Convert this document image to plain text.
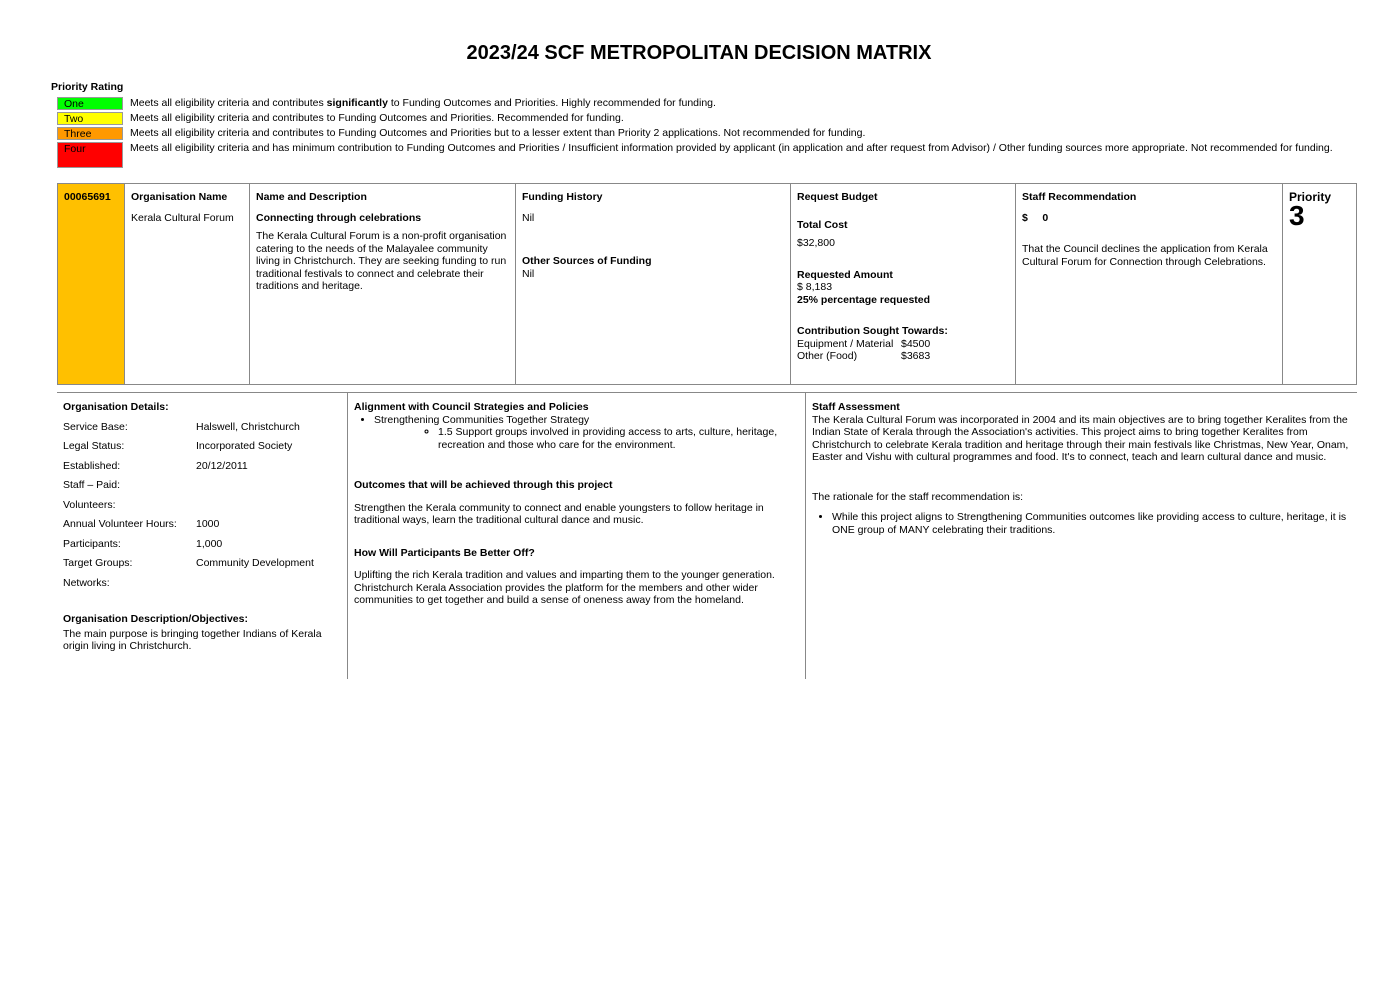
2023/24 SCF METROPOLITAN DECISION MATRIX
Priority Rating
One	Meets all eligibility criteria and contributes significantly to Funding Outcomes and Priorities. Highly recommended for funding.
Two	Meets all eligibility criteria and contributes to Funding Outcomes and Priorities. Recommended for funding.
Three	Meets all eligibility criteria and contributes to Funding Outcomes and Priorities but to a lesser extent than Priority 2 applications. Not recommended for funding.
Four	Meets all eligibility criteria and has minimum contribution to Funding Outcomes and Priorities / Insufficient information provided by applicant (in application and after request from Advisor) / Other funding sources more appropriate. Not recommended for funding.
00065691	Organisation Name
Kerala Cultural Forum
Name and Description
Connecting through celebrations
The Kerala Cultural Forum is a non-profit organisation catering to the needs of the Malayalee community living in Christchurch. They are seeking funding to run traditional festivals to connect and celebrate their traditions and heritage.
Funding History
Nil
Other Sources of Funding
Nil
Request Budget
Total Cost
$32,800
Requested Amount
$ 8,183
25% percentage requested
Contribution Sought Towards:
Equipment / Material $4500
Other (Food)	$3683
Staff Recommendation
$     0
That the Council declines the application from Kerala Cultural Forum for Connection through Celebrations.
Priority
3
Organisation Details:
Service Base:	Halswell, Christchurch
Legal Status:	Incorporated Society
Established:	20/12/2011
Staff – Paid:
Volunteers:
Annual Volunteer Hours:	1000
Participants:	1,000
Target Groups:	Community Development
Networks:
Organisation Description/Objectives:
The main purpose is bringing together Indians of Kerala origin living in Christchurch.
Alignment with Council Strategies and Policies
• Strengthening Communities Together Strategy
◦ 1.5 Support groups involved in providing access to arts, culture, heritage, recreation and those who care for the environment.
Outcomes that will be achieved through this project
Strengthen the Kerala community to connect and enable youngsters to follow heritage in traditional ways, learn the traditional cultural dance and music.
How Will Participants Be Better Off?
Uplifting the rich Kerala tradition and values and imparting them to the younger generation. Christchurch Kerala Association provides the platform for the members and other wider communities to get together and build a sense of oneness away from the homeland.
Staff Assessment
The Kerala Cultural Forum was incorporated in 2004 and its main objectives are to bring together Keralites from the Indian State of Kerala through the Association's activities. This project aims to bring together Keralites from Christchurch to celebrate Kerala tradition and heritage through their main festivals like Christmas, New Year, Onam, Easter and Vishu with cultural programmes and food. It's to connect, teach and learn cultural dance and music.
The rationale for the staff recommendation is:
• While this project aligns to Strengthening Communities outcomes like providing access to culture, heritage, it is ONE group of MANY celebrating their traditions.
